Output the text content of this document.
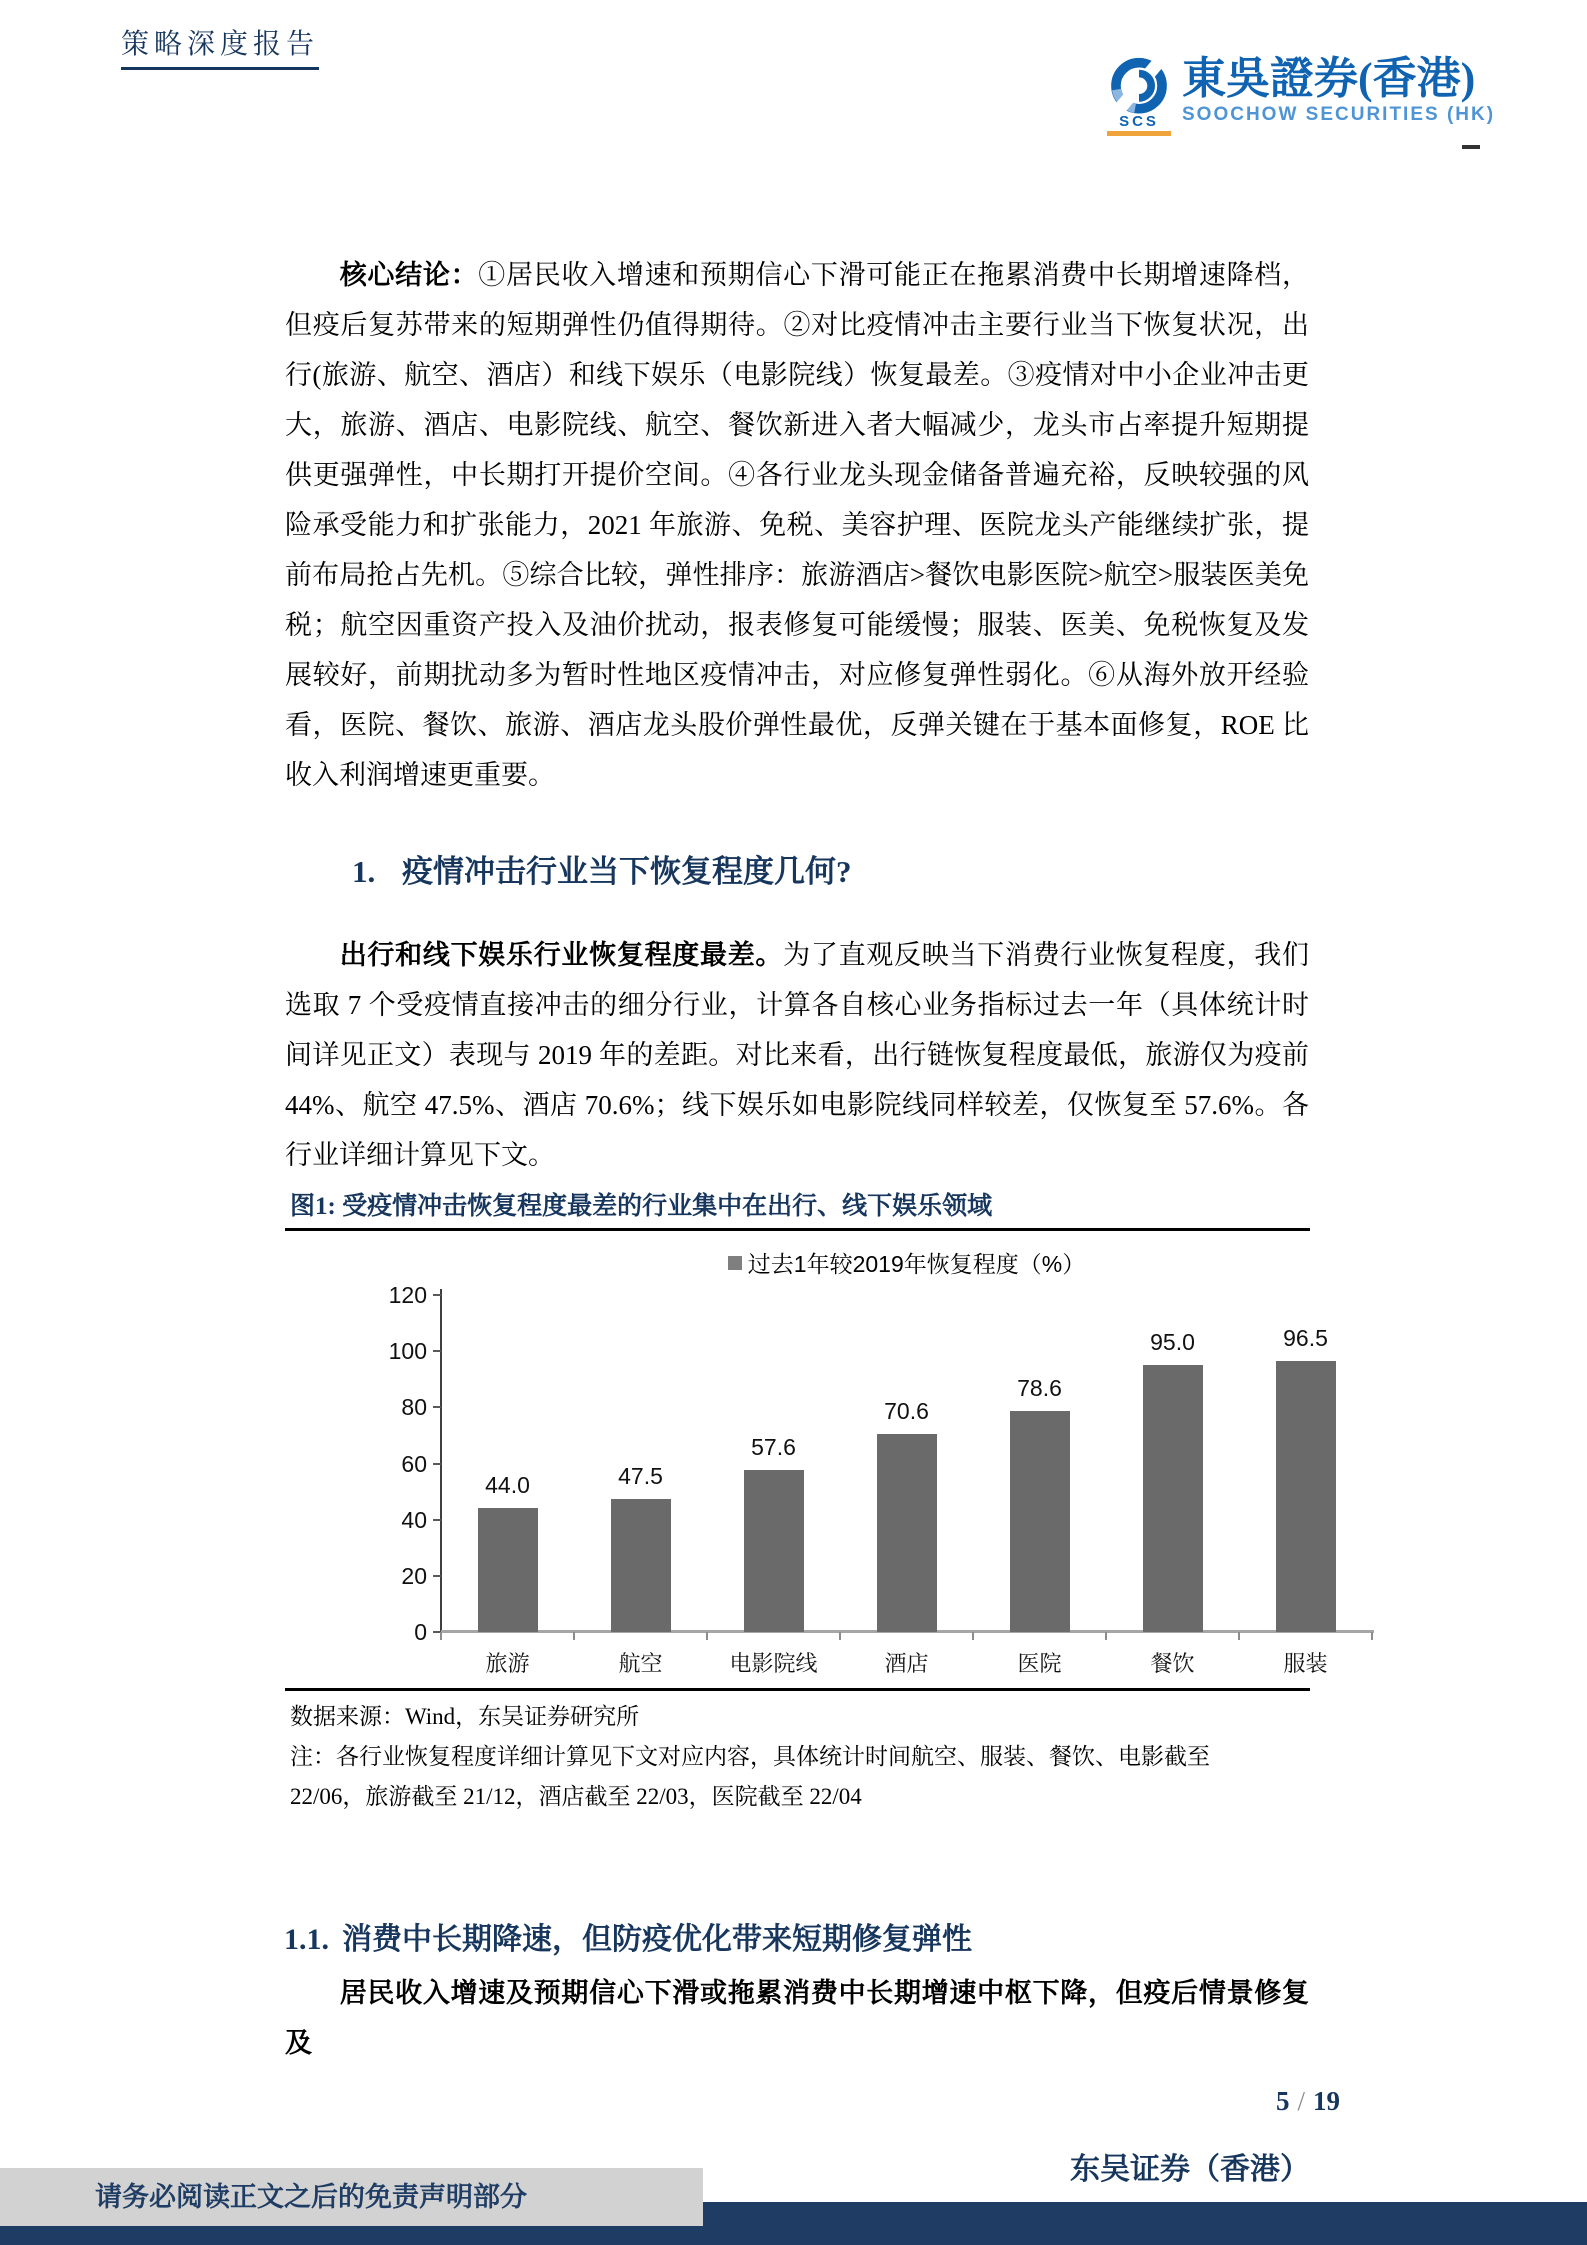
策略深度报告
SCS
東吳證券(香港)
SOOCHOW SECURITIES (HK)
核心结论：①居民收入增速和预期信心下滑可能正在拖累消费中长期增速降档，但疫后复苏带来的短期弹性仍值得期待。②对比疫情冲击主要行业当下恢复状况，出行(旅游、航空、酒店）和线下娱乐（电影院线）恢复最差。③疫情对中小企业冲击更大，旅游、酒店、电影院线、航空、餐饮新进入者大幅减少，龙头市占率提升短期提供更强弹性，中长期打开提价空间。④各行业龙头现金储备普遍充裕，反映较强的风险承受能力和扩张能力，2021 年旅游、免税、美容护理、医院龙头产能继续扩张，提前布局抢占先机。⑤综合比较，弹性排序：旅游酒店>餐饮电影医院>航空>服装医美免税；航空因重资产投入及油价扰动，报表修复可能缓慢；服装、医美、免税恢复及发展较好，前期扰动多为暂时性地区疫情冲击，对应修复弹性弱化。⑥从海外放开经验看，医院、餐饮、旅游、酒店龙头股价弹性最优，反弹关键在于基本面修复，ROE 比收入利润增速更重要。
1. 疫情冲击行业当下恢复程度几何?
出行和线下娱乐行业恢复程度最差。为了直观反映当下消费行业恢复程度，我们选取 7 个受疫情直接冲击的细分行业，计算各自核心业务指标过去一年（具体统计时间详见正文）表现与 2019 年的差距。对比来看，出行链恢复程度最低，旅游仅为疫前 44%、航空 47.5%、酒店 70.6%；线下娱乐如电影院线同样较差，仅恢复至 57.6%。各行业详细计算见下文。
图1: 受疫情冲击恢复程度最差的行业集中在出行、线下娱乐领域
过去1年较2019年恢复程度（%）
0
20
40
60
80
100
120
44.0
旅游
47.5
航空
57.6
电影院线
70.6
酒店
78.6
医院
95.0
餐饮
96.5
服装
数据来源：Wind，东吴证券研究所
注：各行业恢复程度详细计算见下文对应内容，具体统计时间航空、服装、餐饮、电影截至
22/06，旅游截至 21/12，酒店截至 22/03，医院截至 22/04
1.1. 消费中长期降速，但防疫优化带来短期修复弹性
居民收入增速及预期信心下滑或拖累消费中长期增速中枢下降，但疫后情景修复及
5 / 19
东吴证券（香港）
请务必阅读正文之后的免责声明部分
